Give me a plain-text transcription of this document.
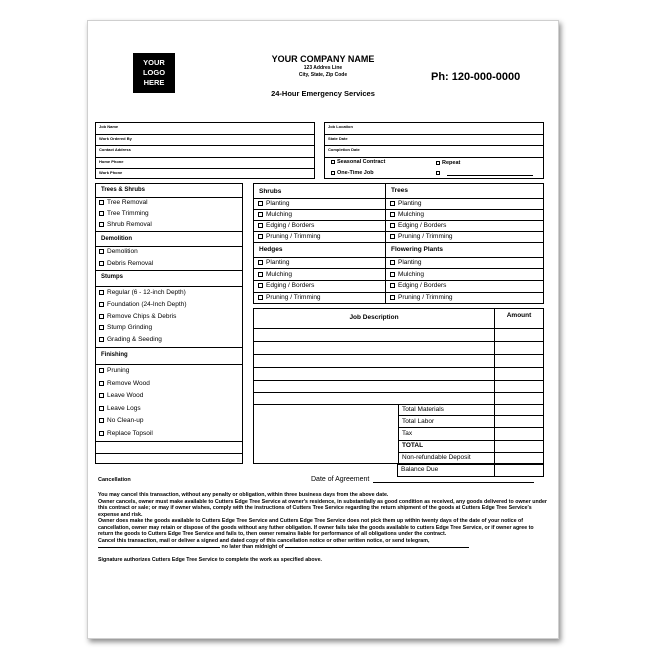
YOUR
LOGO
HERE
YOUR COMPANY NAME
123 Addres Line
City, State, Zip Code	Ph: 120-000-0000
24-Hour Emergency Services
Job Name
Work Ordered By
Contact Address
Home Phone
Work Phone
Job Location
State Date
Completion Date
Seasonal Contract	Repeat
One-Time Job
Trees & Shrubs
Tree Removal
Tree Trimming
Shrub Removal
Demolition
Demolition
Debris Removal
Stumps
Regular (6 - 12-inch Depth)
Foundation (24-Inch Depth)
Remove Chips & Debris
Stump Grinding
Grading & Seeding
Finishing
Pruning
Remove Wood
Leave Wood
Leave Logs
No Clean-up
Replace Topsoil
Shrubs	Trees
Planting	Planting
Mulching	Mulching
Edging / Borders	Edging / Borders
Pruning / Trimming	Pruning / Trimming
Hedges	Flowering Plants
Planting	Planting
Mulching	Mulching
Edging / Borders	Edging / Borders
Pruning / Trimming	Pruning / Trimming
Job Description	Amount
Total Materials
Total Labor
Tax
TOTAL
Non-refundable Deposit
Balance Due
Cancellation	Date of Agreement

You may cancel this transaction, without any penalty or obligation, within three business days from the above date.

Owner cancels, owner must make available to Cutters Edge Tree Service at owner's residence, in substantially as good condition as received, any goods delivered to owner under this contract or sale; or may if owner wishes, comply with the instructions of Cutters Tree Service regarding the return shipment of the goods at Cutters Edge Tree Service's expense and risk.

Owner does make the goods available to Cutters Edge Tree Service and Cutters Edge Tree Service does not pick them up within twenty days of the date of your notice of cancellation, owner may retain or dispose of the goods without any futher obligation. If owner fails take the goods available to cutters Edge Tree Service, or if owner agree to return the goods to Cutters Edge Tree Service and fails to, then owner remains liable for performance of all obligations under the contract.

Cancel this transaction, mail or deliver a signed and dated copy of this cancellation notice or other written notice, or send telegram,

no later than midnight of

Signature authorizes Cutters Edge Tree Service to complete the work as specified above.
